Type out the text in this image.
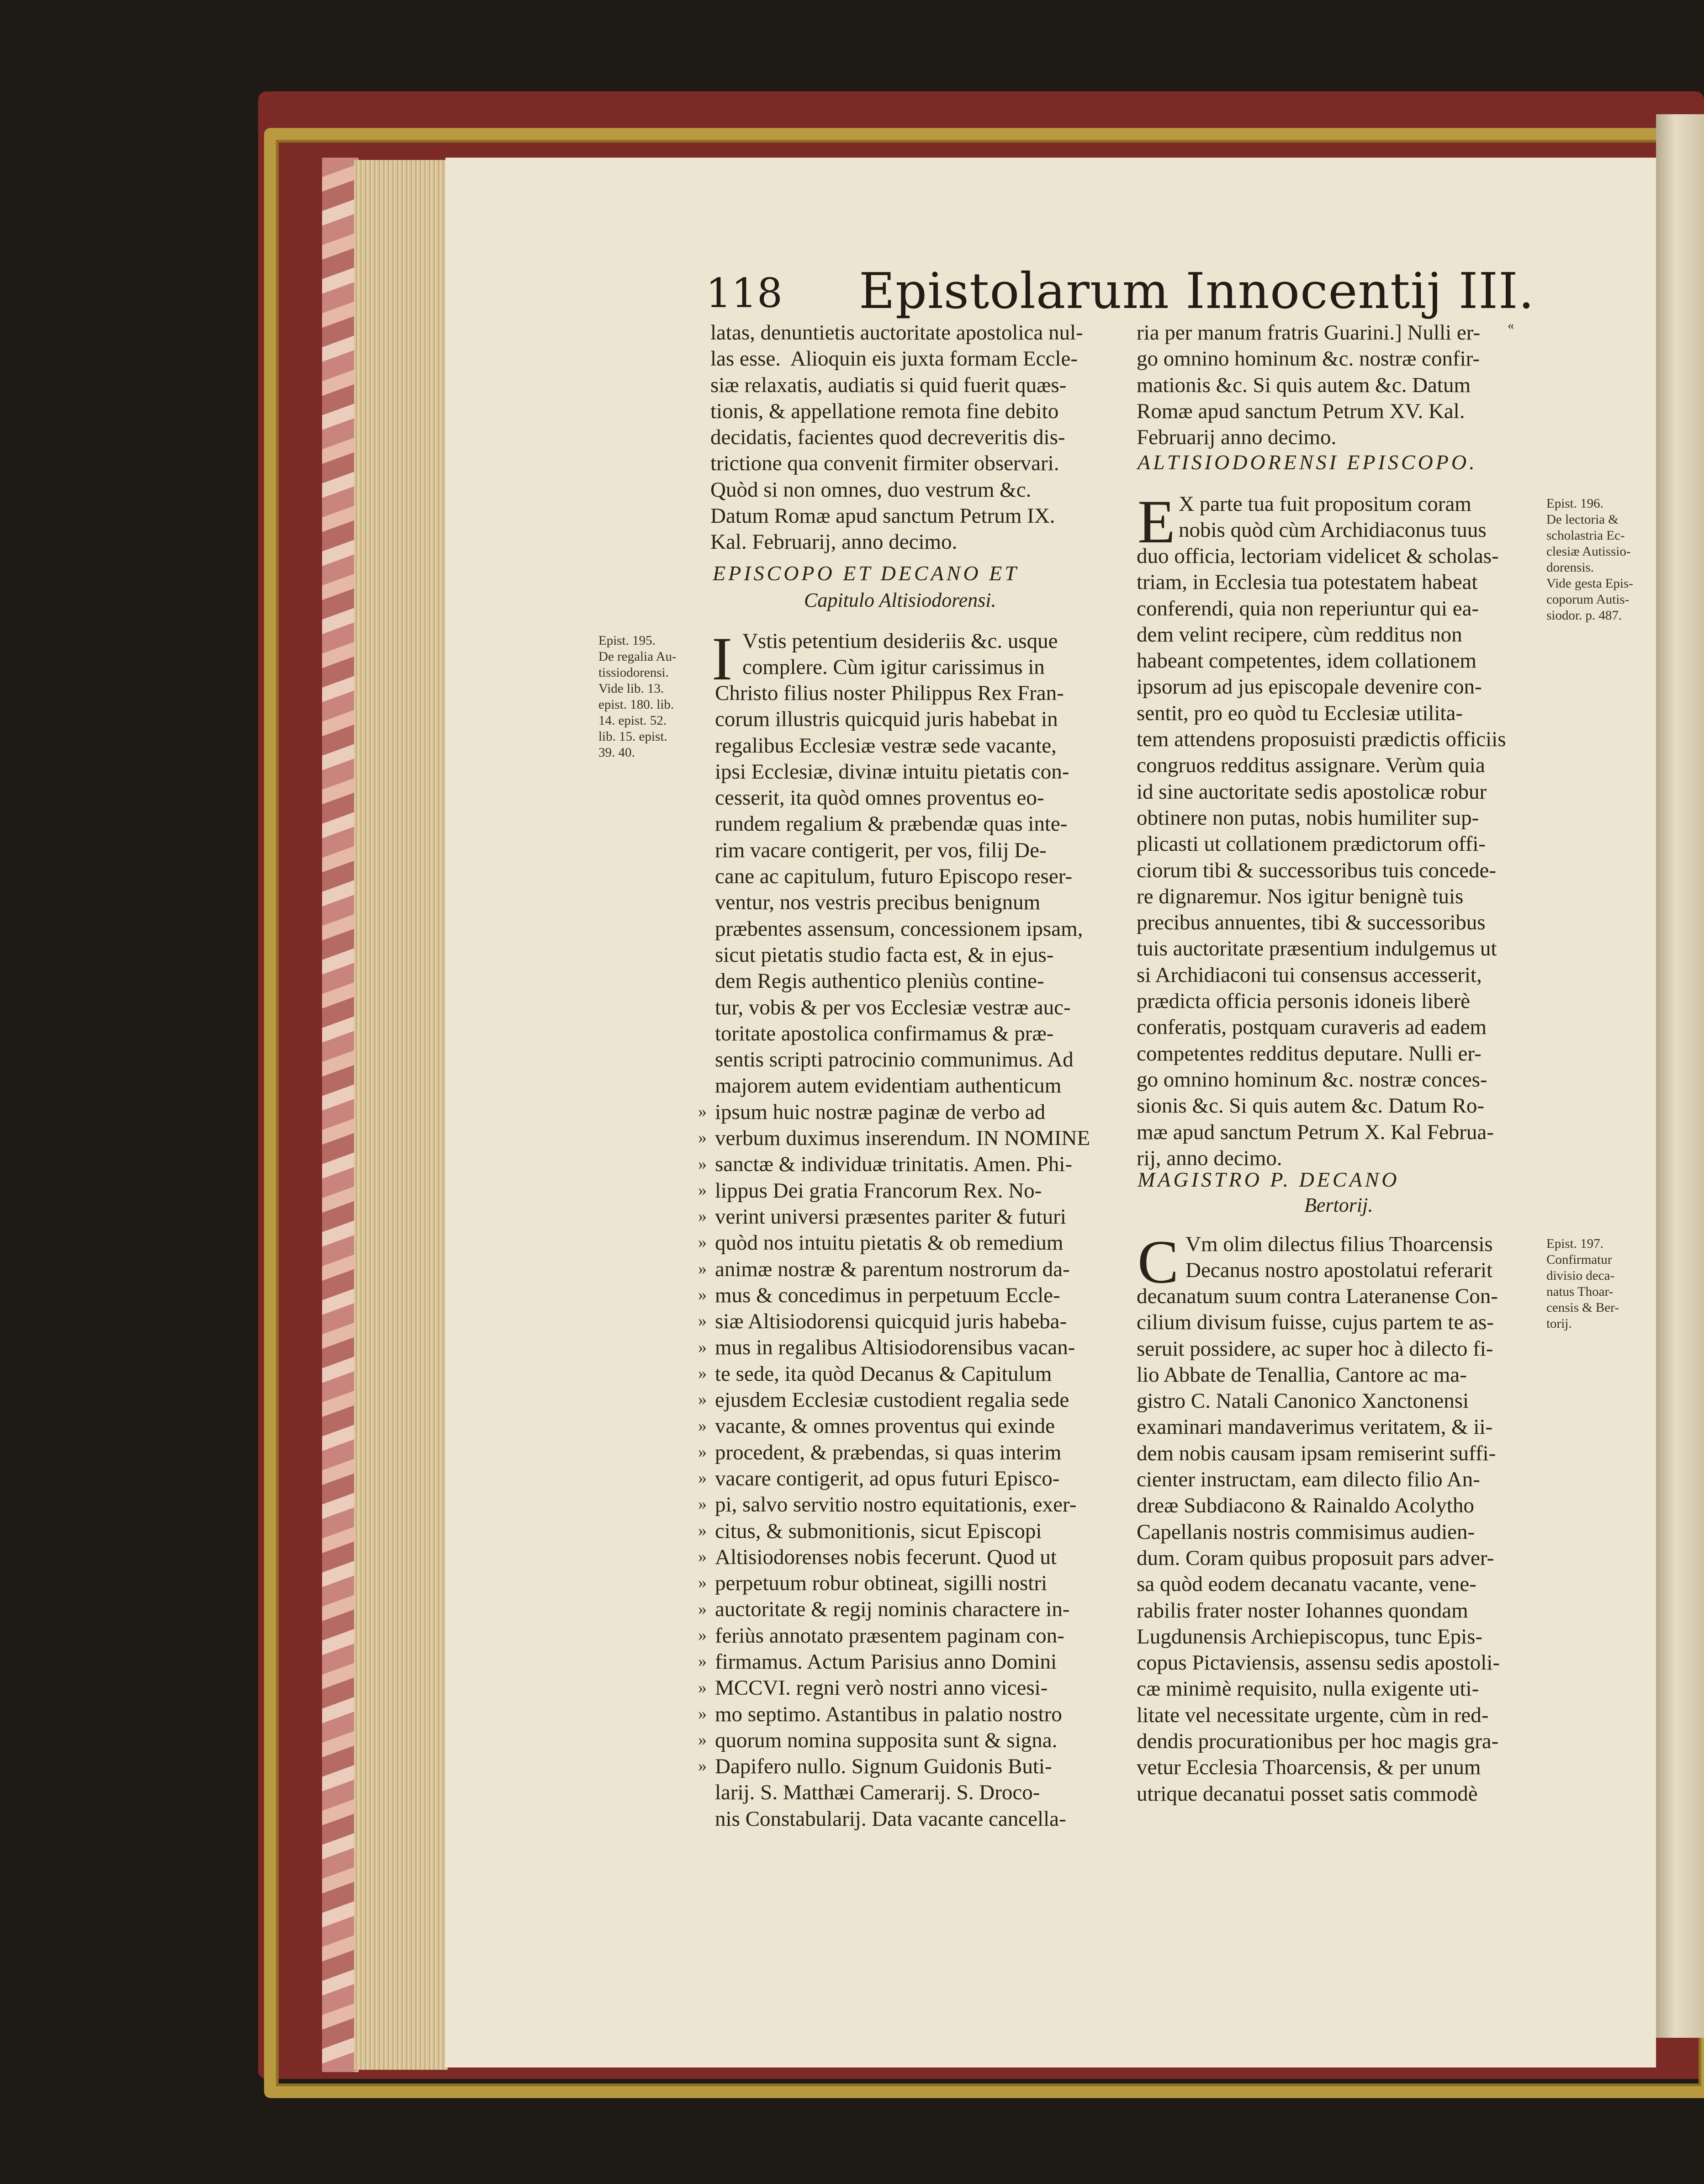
118 Epistolarum Innocentij III.
latas, denuntietis auctoritate apostolica nul-
las esse.  Alioquin eis juxta formam Eccle-
siæ relaxatis, audiatis si quid fuerit quæs-
tionis, & appellatione remota fine debito
decidatis, facientes quod decreveritis dis-
trictione qua convenit firmiter observari.
Quòd si non omnes, duo vestrum &c.
Datum Romæ apud sanctum Petrum IX.
Kal. Februarij, anno decimo.
EPISCOPO ET DECANO ET
Capitulo Altisiodorensi.
I Vstis petentium desideriis &c. usque
complere. Cùm igitur carissimus in
Christo filius noster Philippus Rex Fran-
corum illustris quicquid juris habebat in
regalibus Ecclesiæ vestræ sede vacante,
ipsi Ecclesiæ, divinæ intuitu pietatis con-
cesserit, ita quòd omnes proventus eo-
rundem regalium & præbendæ quas inte-
rim vacare contigerit, per vos, filij De-
cane ac capitulum, futuro Episcopo reser-
ventur, nos vestris precibus benignum
præbentes assensum, concessionem ipsam,
sicut pietatis studio facta est, & in ejus-
dem Regis authentico pleniùs contine-
tur, vobis & per vos Ecclesiæ vestræ auc-
toritate apostolica confirmamus & præ-
sentis scripti patrocinio communimus. Ad
majorem autem evidentiam authenticum
ipsum huic nostræ paginæ de verbo ad
verbum duximus inserendum. IN NOMINE
sanctæ & individuæ trinitatis. Amen. Phi-
lippus Dei gratia Francorum Rex. No-
verint universi præsentes pariter & futuri
quòd nos intuitu pietatis & ob remedium
animæ nostræ & parentum nostrorum da-
mus & concedimus in perpetuum Eccle-
siæ Altisiodorensi quicquid juris habeba-
mus in regalibus Altisiodorensibus vacan-
te sede, ita quòd Decanus & Capitulum
ejusdem Ecclesiæ custodient regalia sede
vacante, & omnes proventus qui exinde
procedent, & præbendas, si quas interim
vacare contigerit, ad opus futuri Episco-
pi, salvo servitio nostro equitationis, exer-
citus, & submonitionis, sicut Episcopi
Altisiodorenses nobis fecerunt. Quod ut
perpetuum robur obtineat, sigilli nostri
auctoritate & regij nominis charactere in-
feriùs annotato præsentem paginam con-
firmamus. Actum Parisius anno Domini
MCCVI. regni verò nostri anno vicesi-
mo septimo. Astantibus in palatio nostro
quorum nomina supposita sunt & signa.
Dapifero nullo. Signum Guidonis Buti-
larij. S. Matthæi Camerarij. S. Droco-
nis Constabularij. Data vacante cancella-
Epist. 195.
De regalia Au-
tissiodorensi.
Vide lib. 13.
epist. 180. lib.
14. epist. 52.
lib. 15. epist.
39. 40.
»
»
»
»
»
»
»
»
»
»
»
»
»
»
»
»
»
»
»
»
»
»
»
»
»
»
ria per manum fratris Guarini.] Nulli er-
go omnino hominum &c. nostræ confir-
mationis &c. Si quis autem &c. Datum
Romæ apud sanctum Petrum XV. Kal.
Februarij anno decimo.
«
ALTISIODORENSI EPISCOPO.
E X parte tua fuit propositum coram
nobis quòd cùm Archidiaconus tuus
duo officia, lectoriam videlicet & scholas-
triam, in Ecclesia tua potestatem habeat
conferendi, quia non reperiuntur qui ea-
dem velint recipere, cùm redditus non
habeant competentes, idem collationem
ipsorum ad jus episcopale devenire con-
sentit, pro eo quòd tu Ecclesiæ utilita-
tem attendens proposuisti prædictis officiis
congruos redditus assignare. Verùm quia
id sine auctoritate sedis apostolicæ robur
obtinere non putas, nobis humiliter sup-
plicasti ut collationem prædictorum offi-
ciorum tibi & successoribus tuis concede-
re dignaremur. Nos igitur benignè tuis
precibus annuentes, tibi & successoribus
tuis auctoritate præsentium indulgemus ut
si Archidiaconi tui consensus accesserit,
prædicta officia personis idoneis liberè
conferatis, postquam curaveris ad eadem
competentes redditus deputare. Nulli er-
go omnino hominum &c. nostræ conces-
sionis &c. Si quis autem &c. Datum Ro-
mæ apud sanctum Petrum X. Kal Februa-
rij, anno decimo.
Epist. 196.
De lectoria &
scholastria Ec-
clesiæ Autissio-
dorensis.
Vide gesta Epis-
coporum Autis-
siodor. p. 487.
MAGISTRO P. DECANO
Bertorij.
C Vm olim dilectus filius Thoarcensis
Decanus nostro apostolatui referarit
decanatum suum contra Lateranense Con-
cilium divisum fuisse, cujus partem te as-
seruit possidere, ac super hoc à dilecto fi-
lio Abbate de Tenallia, Cantore ac ma-
gistro C. Natali Canonico Xanctonensi
examinari mandaverimus veritatem, & ii-
dem nobis causam ipsam remiserint suffi-
cienter instructam, eam dilecto filio An-
dreæ Subdiacono & Rainaldo Acolytho
Capellanis nostris commisimus audien-
dum. Coram quibus proposuit pars adver-
sa quòd eodem decanatu vacante, vene-
rabilis frater noster Iohannes quondam
Lugdunensis Archiepiscopus, tunc Epis-
copus Pictaviensis, assensu sedis apostoli-
cæ minimè requisito, nulla exigente uti-
litate vel necessitate urgente, cùm in red-
dendis procurationibus per hoc magis gra-
vetur Ecclesia Thoarcensis, & per unum
utrique decanatui posset satis commodè
Epist. 197.
Confirmatur
divisio deca-
natus Thoar-
censis & Ber-
torij.
